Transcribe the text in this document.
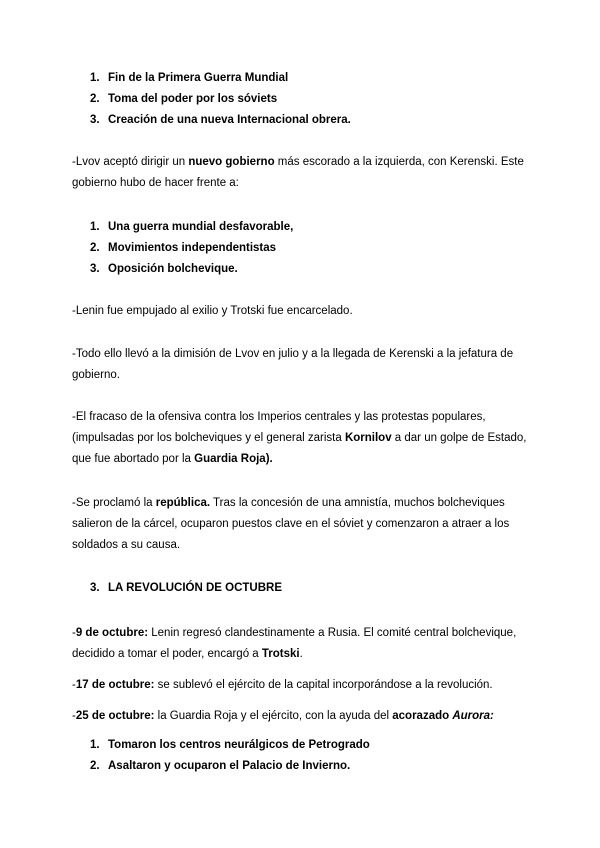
1. Fin de la Primera Guerra Mundial
2. Toma del poder por los sóviets
3. Creación de una nueva Internacional obrera.

-Lvov aceptó dirigir un nuevo gobierno más escorado a la izquierda, con Kerenski. Este gobierno hubo de hacer frente a:

1. Una guerra mundial desfavorable,
2. Movimientos independentistas
3. Oposición bolchevique.

-Lenin fue empujado al exilio y Trotski fue encarcelado.

-Todo ello llevó a la dimisión de Lvov en julio y a la llegada de Kerenski a la jefatura de gobierno.

-El fracaso de la ofensiva contra los Imperios centrales y las protestas populares, (impulsadas por los bolcheviques y el general zarista Kornilov a dar un golpe de Estado, que fue abortado por la Guardia Roja).

-Se proclamó la república. Tras la concesión de una amnistía, muchos bolcheviques salieron de la cárcel, ocuparon puestos clave en el sóviet y comenzaron a atraer a los soldados a su causa.

3. LA REVOLUCIÓN DE OCTUBRE

-9 de octubre: Lenin regresó clandestinamente a Rusia. El comité central bolchevique, decidido a tomar el poder, encargó a Trotski.

-17 de octubre: se sublevó el ejército de la capital incorporándose a la revolución.

-25 de octubre: la Guardia Roja y el ejército, con la ayuda del acorazado Aurora:

1. Tomaron los centros neurálgicos de Petrogrado
2. Asaltaron y ocuparon el Palacio de Invierno.
